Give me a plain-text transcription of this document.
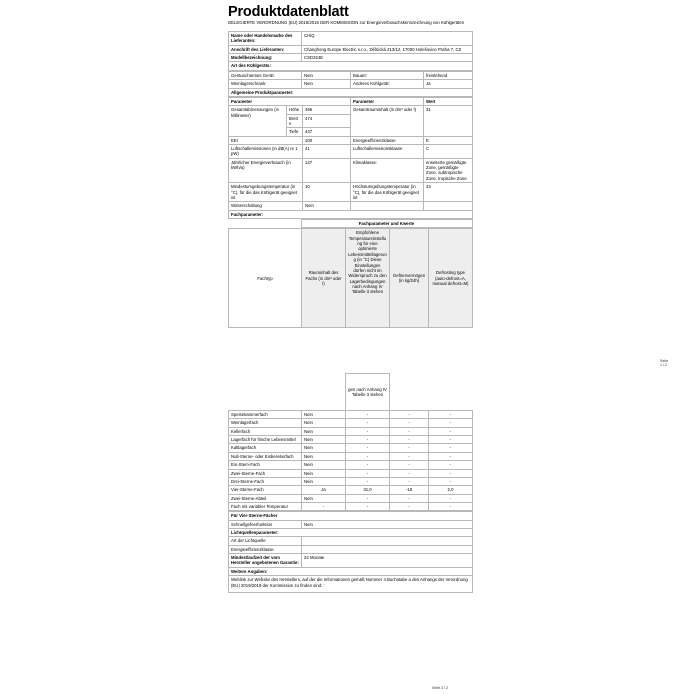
Produktdatenblatt
DELEGIERTE VERORDNUNG (EU) 2019/2016 DER KOMMISSION zur Energieverbrauchskennzeichnung von Kühlgeräten
Name oder Handelsmarke des Lieferanten:	CHiQ
Anschrift des Lieferanten:	Changhong Europe Electric s.r.o., Dělnická 213/12, 17000 Holešovice Praha 7, CZ
Modellbezeichnung:	CSD324E
Art des Kühlgeräts:	
Geräuscharmes Gerät:	Nein	Bauart:	freistehend
Weinlagerschrank:	Nein	Anderes Kühlgerät:	Ja
Allgemeine Produktparameter:			
Parameter			Parameter	Wert
Gesamtabmessungen (in Millimeter)	Höhe	496	Gesamtrauminhalt (in dm³ oder l)	31
	Breite	474		
	Tiefe	447		
EEI		100	Energieeffizienzklasse	E
Luftschallemissionen (in dB(A) re 1 pW)		41	Luftschallemissionsklasse	C
Jährlicher Energieverbrauch (in kWh/a)		147	Klimaklasse:	erweiterte gemäßigte Zone, gemäßigte Zone, subtropische Zone, tropische Zone
Mindestumgebungstemperatur (in °C), für die das Kühlgerät geeignet ist		10	Höchstumgebungstemperatur (in °C), für die das Kühlgerät geeignet ist	43
Winterschaltung		Nein		
Fachparameter:				
	Fachparameter und Kwerte
Fachtyp	Rauminhalt des Fachs (in dm³ oder l)	Empfohlene Temperatureinstellung für eine optimierte Lebensmittellagerung (in °C) Diese Einstellungen dürfen nicht im Widerspruch zu den Lagerbedingungen nach Anhang IV Tabelle 3 stehen	Gefriervermögen (in kg/24h)	Defrosting type (auto-defrost=A, manual defrost=M)
Seite 1 / 2
		gen nach Anhang IV Tabelle 3 stehen		
Speisekammerfach	Nein	-	-	-
Weinlagerfach	Nein	-	-	-
Kellerfach	Nein	-	-	-
Lagerfach für frische Lebensmittel	Nein	-	-	-
Kaltlagerfach	Nein	-	-	-
Null-Sterne- oder Eisbereiterfach	Nein	-	-	-
Ein-Stern-Fach	Nein	-	-	-
Zwei-Sterne-Fach	Nein	-	-	-
Drei-Sterne-Fach	Nein	-	-	-
Vier-Sterne-Fach	Ja	31,0	-18	2,0
Zwei-Sterne-Abteil	Nein	-	-	-
Fach mit variabler Temperatur	-	-	-	-
Für Vier-Sterne-Fächer	
Schnellgefrierfunktion	Nein
Lichtquellenparameter:	
Art der Lichtquelle	
Energieeffizienzklasse	
Mindestlaufzeit der vom Hersteller angebotenen Garantie:	24 Monate
Weitere Angaben:	
Weblink zur Website des Herstellers, auf der die Informationen gemäß Nummer 4 Buchstabe a des Anhangs der Verordnung (EU) 2019/2019 der Kommission zu finden sind: :	
Seite 2 / 2
